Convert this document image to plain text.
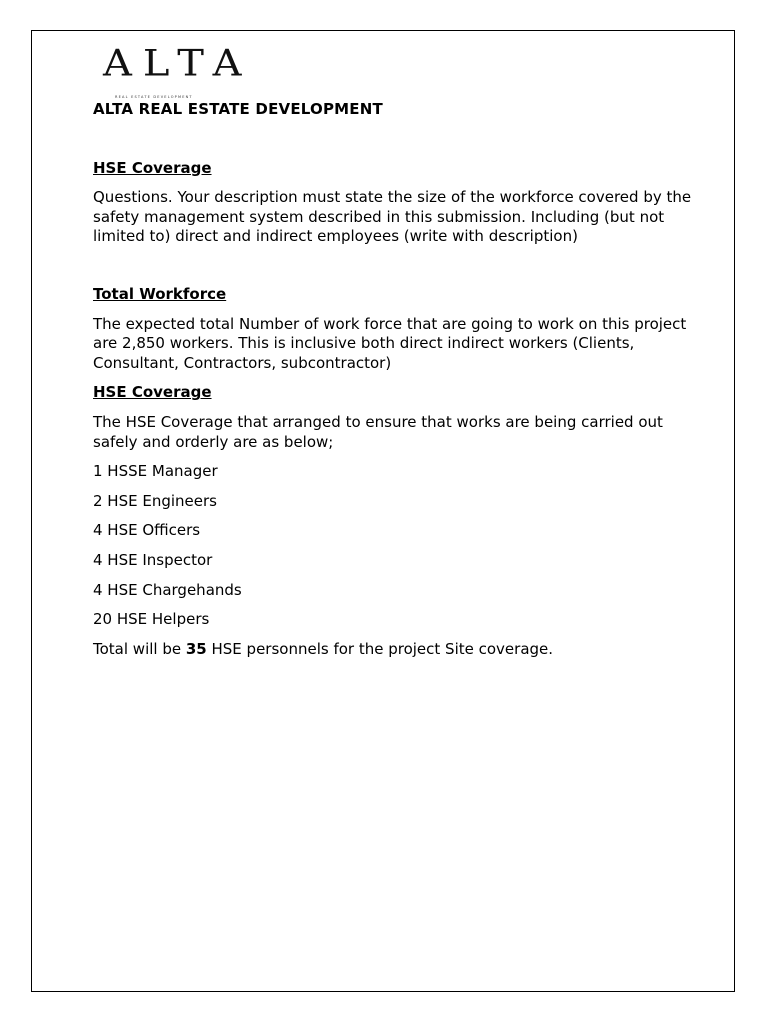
ALTA
REAL ESTATE DEVELOPMENT
ALTA REAL ESTATE DEVELOPMENT
HSE Coverage

Questions. Your description must state the size of the workforce covered by the safety management system described in this submission. Including (but not limited to) direct and indirect employees (write with description)

Total Workforce

The expected total Number of work force that are going to work on this project are 2,850 workers. This is inclusive both direct indirect workers (Clients, Consultant, Contractors, subcontractor)

HSE Coverage

The HSE Coverage that arranged to ensure that works are being carried out safely and orderly are as below;

1 HSSE Manager
2 HSE Engineers
4 HSE Officers
4 HSE Inspector
4 HSE Chargehands
20 HSE Helpers

Total will be 35 HSE personnels for the project Site coverage.
